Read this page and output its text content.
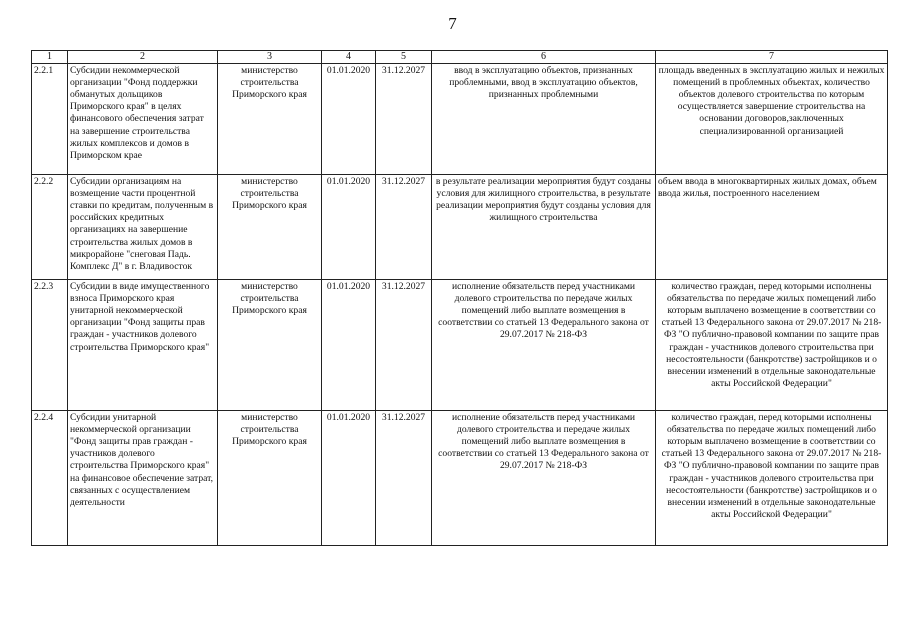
7
1	2	3	4	5	6	7
2.2.1	Субсидии некоммерческой организации "Фонд поддержки обманутых дольщиков Приморского края" в целях финансового обеспечения затрат на завершение строительства жилых комплексов и домов в Приморском крае	министерство строительства Приморского края	01.01.2020	31.12.2027	ввод в эксплуатацию объектов, признанных проблемными, ввод в эксплуатацию объектов, признанных проблемными	площадь введенных в эксплуатацию жилых и нежилых помещений в проблемных объектах, количество объектов долевого строительства по которым осуществляется завершение строительства на основании договоров,заключенных специализированной организацией
2.2.2	Субсидии организациям на возмещение части процентной ставки по кредитам, полученным в российских кредитных организациях на завершение строительства жилых домов в микрорайоне "снеговая Падь. Комплекс Д" в г. Владивосток	министерство строительства Приморского края	01.01.2020	31.12.2027	в результате реализации мероприятия будут созданы условия для жилищного строительства, в результате реализации мероприятия будут созданы условия для жилищного строительства	объем ввода в многоквартирных жилых домах, объем ввода жилья, построенного населением
2.2.3	Субсидии в виде имущественного взноса Приморского края унитарной некоммерческой организации "Фонд защиты прав граждан - участников долевого строительства Приморского края"	министерство строительства Приморского края	01.01.2020	31.12.2027	исполнение обязательств перед участниками долевого строительства по передаче жилых помещений либо выплате возмещения в соответствии со статьей 13 Федерального закона от 29.07.2017 № 218-ФЗ	количество граждан, перед которыми исполнены обязательства по передаче жилых помещений либо которым выплачено возмещение в соответствии со статьей 13 Федерального закона от 29.07.2017 № 218-ФЗ "О публично-правовой компании по защите прав граждан - участников долевого строительства при несостоятельности (банкротстве) застройщиков и о внесении изменений в отдельные законодательные акты Российской Федерации"
2.2.4	Субсидии унитарной некоммерческой организации "Фонд защиты прав граждан - участников долевого строительства Приморского края" на финансовое обеспечение затрат, связанных с осуществлением деятельности	министерство строительства Приморского края	01.01.2020	31.12.2027	исполнение обязательств перед участниками долевого строительства и передаче жилых помещений либо выплате возмещения в соответствии со статьей 13 Федерального закона от 29.07.2017 № 218-ФЗ	количество граждан, перед которыми исполнены обязательства по передаче жилых помещений либо которым выплачено возмещение в соответствии со статьей 13 Федерального закона от 29.07.2017 № 218-ФЗ "О публично-правовой компании по защите прав граждан - участников долевого строительства при несостоятельности (банкротстве) застройщиков и о внесении изменений в отдельные законодательные акты Российской Федерации"
